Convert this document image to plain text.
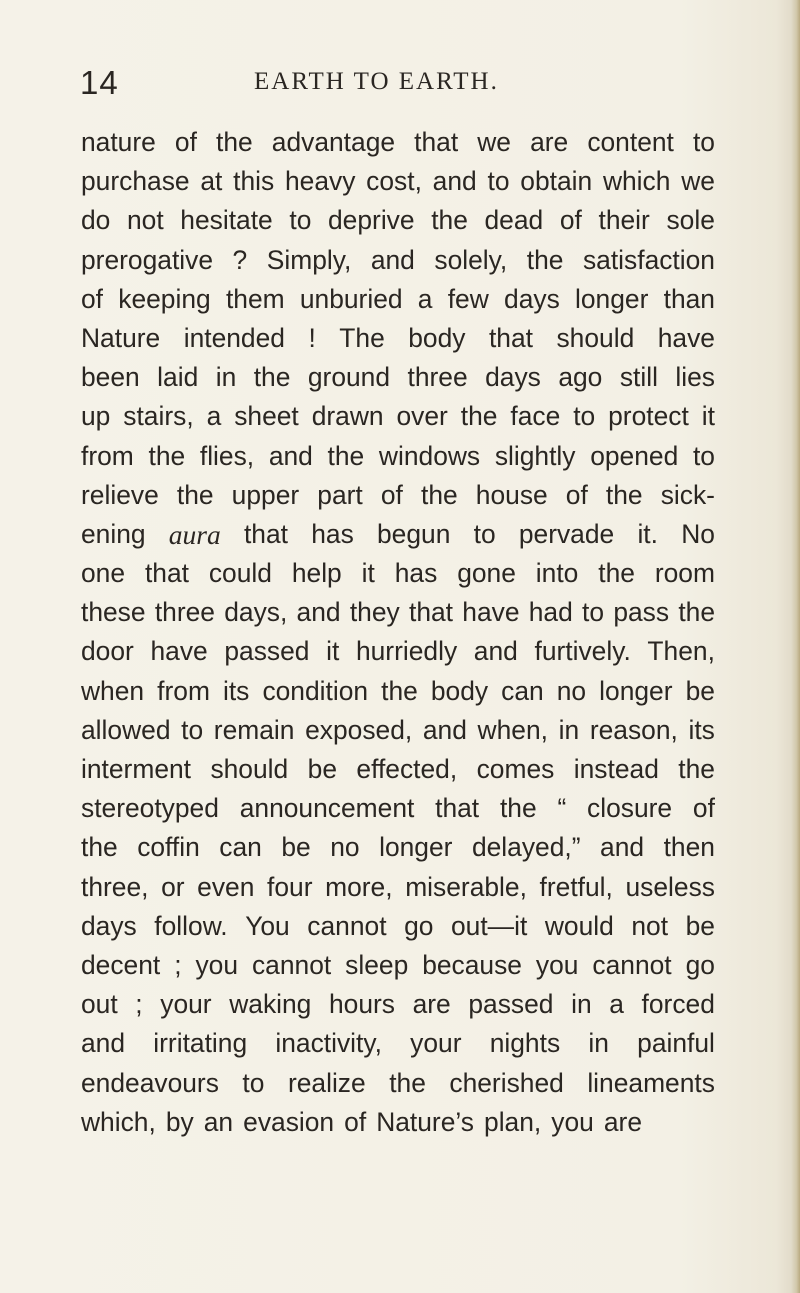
14	EARTH TO EARTH.
nature of the advantage that we are content to
purchase at this heavy cost, and to obtain which we
do not hesitate to deprive the dead of their sole
prerogative ? Simply, and solely, the satisfaction
of keeping them unburied a few days longer than
Nature intended ! The body that should have
been laid in the ground three days ago still lies
up stairs, a sheet drawn over the face to protect it
from the flies, and the windows slightly opened to
relieve the upper part of the house of the sick-
ening aura that has begun to pervade it. No
one that could help it has gone into the room
these three days, and they that have had to pass the
door have passed it hurriedly and furtively. Then,
when from its condition the body can no longer be
allowed to remain exposed, and when, in reason, its
interment should be effected, comes instead the
stereotyped announcement that the “ closure of
the coffin can be no longer delayed,” and then
three, or even four more, miserable, fretful, useless
days follow. You cannot go out—it would not be
decent ; you cannot sleep because you cannot go
out ; your waking hours are passed in a forced
and irritating inactivity, your nights in painful
endeavours to realize the cherished lineaments
which, by an evasion of Nature’s plan, you are
